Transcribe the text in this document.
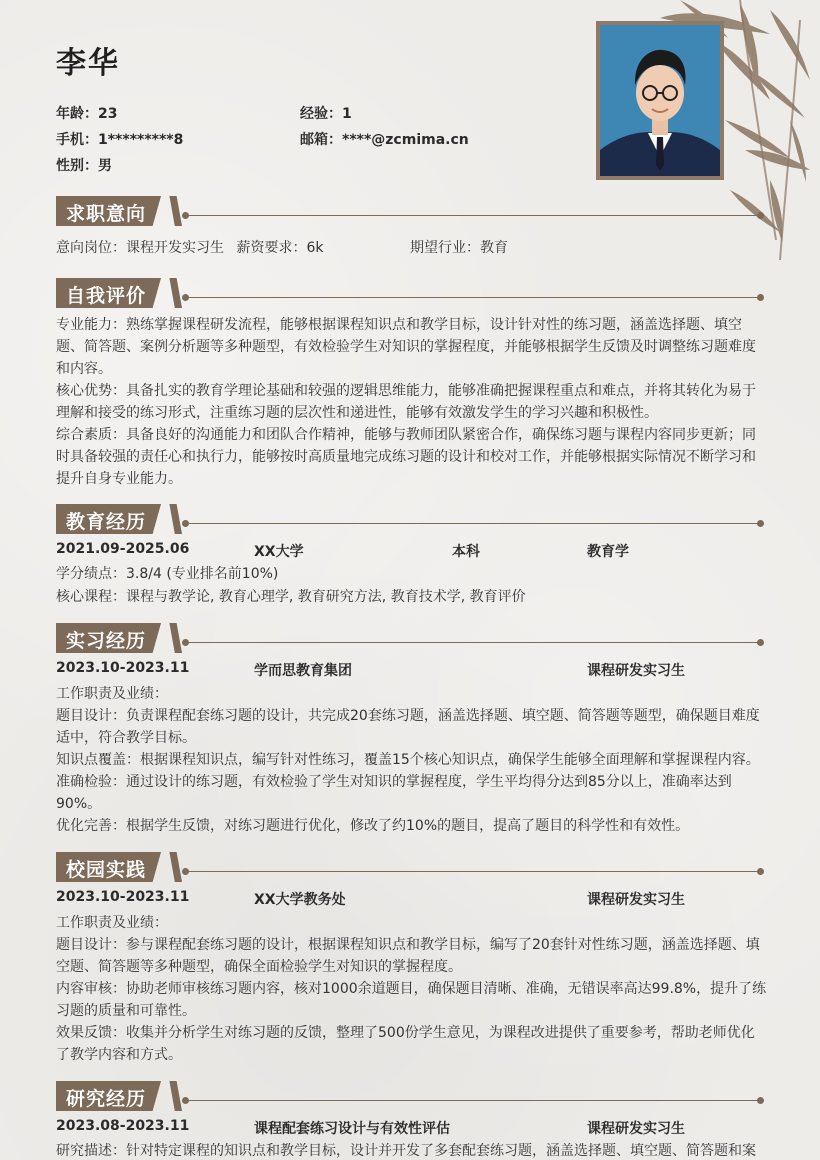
李华
年龄：23	经验：1
手机：1*********8	邮箱：****@zcmima.cn
性别：男
求职意向
意向岗位：课程开发实习生 薪资要求：6k	期望行业：教育
自我评价

专业能力：熟练掌握课程研发流程，能够根据课程知识点和教学目标，设计针对性的练习题，涵盖选择题、填空题、简答题、案例分析题等多种题型，有效检验学生对知识的掌握程度，并能够根据学生反馈及时调整练习题难度和内容。

核心优势：具备扎实的教育学理论基础和较强的逻辑思维能力，能够准确把握课程重点和难点，并将其转化为易于理解和接受的练习形式，注重练习题的层次性和递进性，能够有效激发学生的学习兴趣和积极性。

综合素质：具备良好的沟通能力和团队合作精神，能够与教师团队紧密合作，确保练习题与课程内容同步更新；同时具备较强的责任心和执行力，能够按时高质量地完成练习题的设计和校对工作，并能够根据实际情况不断学习和提升自身专业能力。

教育经历
2021.09-2025.06	XX大学	本科	教育学
学分绩点：3.8/4 (专业排名前10%)
核心课程：课程与教学论, 教育心理学, 教育研究方法, 教育技术学, 教育评价
实习经历
2023.10-2023.11	学而思教育集团	课程研发实习生
工作职责及业绩：

题目设计：负责课程配套练习题的设计，共完成20套练习题，涵盖选择题、填空题、简答题等题型，确保题目难度适中，符合教学目标。

知识点覆盖：根据课程知识点，编写针对性练习，覆盖15个核心知识点，确保学生能够全面理解和掌握课程内容。

准确检验：通过设计的练习题，有效检验了学生对知识的掌握程度，学生平均得分达到85分以上，准确率达到90%。

优化完善：根据学生反馈，对练习题进行优化，修改了约10%的题目，提高了题目的科学性和有效性。

校园实践
2023.10-2023.11	XX大学教务处	课程研发实习生
工作职责及业绩：

题目设计：参与课程配套练习题的设计，根据课程知识点和教学目标，编写了20套针对性练习题，涵盖选择题、填空题、简答题等多种题型，确保全面检验学生对知识的掌握程度。

内容审核：协助老师审核练习题内容，核对1000余道题目，确保题目清晰、准确，无错误率高达99.8%，提升了练习题的质量和可靠性。

效果反馈：收集并分析学生对练习题的反馈，整理了500份学生意见，为课程改进提供了重要参考，帮助老师优化了教学内容和方式。

研究经历
2023.08-2023.11	课程配套练习设计与有效性评估	课程研发实习生
研究描述：针对特定课程的知识点和教学目标，设计并开发了多套配套练习题，涵盖选择题、填空题、简答题和案
